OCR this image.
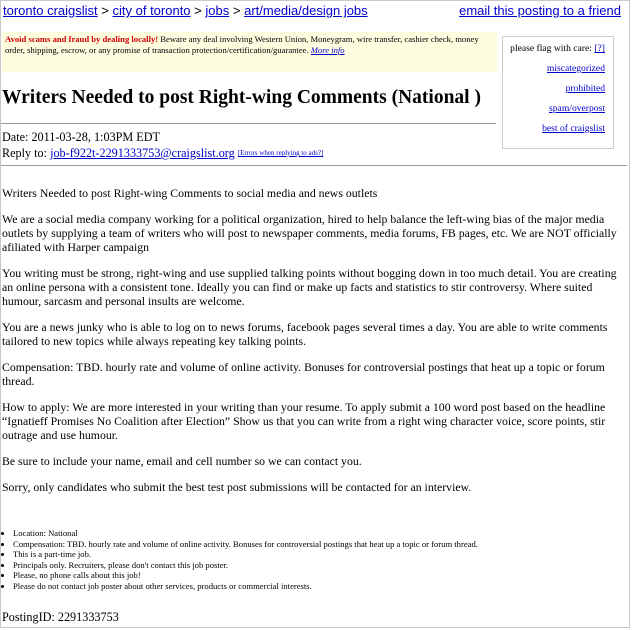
toronto craigslist > city of toronto > jobs > art/media/design jobs	email this posting to a friend
Avoid scams and fraud by dealing locally! Beware any deal involving Western Union, Moneygram, wire transfer, cashier check, money order, shipping, escrow, or any promise of transaction protection/certification/guarantee. More info	please flag with care: [?]
miscategorized
prohibited
spam/overpost
best of craigslist
Writers Needed to post Right-wing Comments (National )
Date: 2011-03-28, 1:03PM EDT
Reply to: job-f922t-2291333753@craigslist.org [Errors when replying to ads?]

Writers Needed to post Right-wing Comments to social media and news outlets

We are a social media company working for a political organization, hired to help balance the left-wing bias of the major media outlets by supplying a team of writers who will post to newspaper comments, media forums, FB pages, etc. We are NOT officially afiliated with Harper campaign

You writing must be strong, right-wing and use supplied talking points without bogging down in too much detail. You are creating an online persona with a consistent tone. Ideally you can find or make up facts and statistics to stir controversy. Where suited humour, sarcasm and personal insults are welcome.

You are a news junky who is able to log on to news forums, facebook pages several times a day. You are able to write comments tailored to new topics while always repeating key talking points.

Compensation: TBD. hourly rate and volume of online activity. Bonuses for controversial postings that heat up a topic or forum thread.

How to apply: We are more interested in your writing than your resume. To apply submit a 100 word post based on the headline “Ignatieff Promises No Coalition after Election” Show us that you can write from a right wing character voice, score points, stir outrage and use humour.

Be sure to include your name, email and cell number so we can contact you.

Sorry, only candidates who submit the best test post submissions will be contacted for an interview.

• Location: National
• Compensation: TBD. hourly rate and volume of online activity. Bonuses for controversial postings that heat up a topic or forum thread.
• This is a part-time job.
• Principals only. Recruiters, please don't contact this job poster.
• Please, no phone calls about this job!
• Please do not contact job poster about other services, products or commercial interests.
PostingID: 2291333753
